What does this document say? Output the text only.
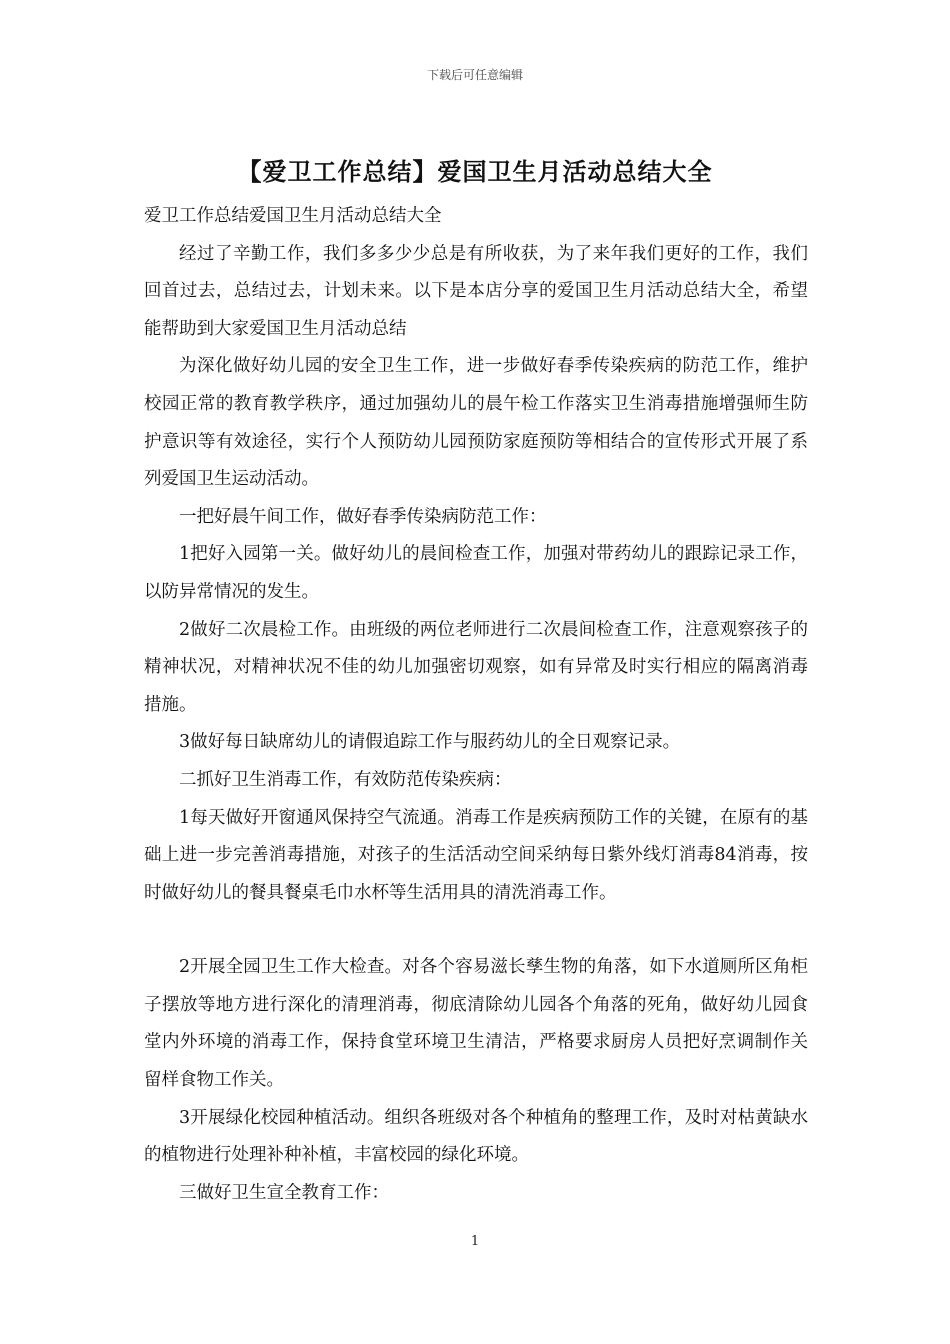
下载后可任意编辑
【爱卫工作总结】爱国卫生月活动总结大全

爱卫工作总结爱国卫生月活动总结大全

经过了辛勤工作，我们多多少少总是有所收获，为了来年我们更好的工作，我们回首过去，总结过去，计划未来。以下是本店分享的爱国卫生月活动总结大全，希望能帮助到大家爱国卫生月活动总结

为深化做好幼儿园的安全卫生工作，进一步做好春季传染疾病的防范工作，维护校园正常的教育教学秩序，通过加强幼儿的晨午检工作落实卫生消毒措施增强师生防护意识等有效途径，实行个人预防幼儿园预防家庭预防等相结合的宣传形式开展了系列爱国卫生运动活动。

一把好晨午间工作，做好春季传染病防范工作：

1把好入园第一关。做好幼儿的晨间检查工作，加强对带药幼儿的跟踪记录工作，以防异常情况的发生。

2做好二次晨检工作。由班级的两位老师进行二次晨间检查工作，注意观察孩子的精神状况，对精神状况不佳的幼儿加强密切观察，如有异常及时实行相应的隔离消毒措施。

3做好每日缺席幼儿的请假追踪工作与服药幼儿的全日观察记录。

二抓好卫生消毒工作，有效防范传染疾病：

1每天做好开窗通风保持空气流通。消毒工作是疾病预防工作的关键，在原有的基础上进一步完善消毒措施，对孩子的生活活动空间采纳每日紫外线灯消毒84消毒，按时做好幼儿的餐具餐桌毛巾水杯等生活用具的清洗消毒工作。

2开展全园卫生工作大检查。对各个容易滋长孳生物的角落，如下水道厕所区角柜子摆放等地方进行深化的清理消毒，彻底清除幼儿园各个角落的死角，做好幼儿园食堂内外环境的消毒工作，保持食堂环境卫生清洁，严格要求厨房人员把好烹调制作关留样食物工作关。

3开展绿化校园种植活动。组织各班级对各个种植角的整理工作，及时对枯黄缺水的植物进行处理补种补植，丰富校园的绿化环境。

三做好卫生宣全教育工作：

1
